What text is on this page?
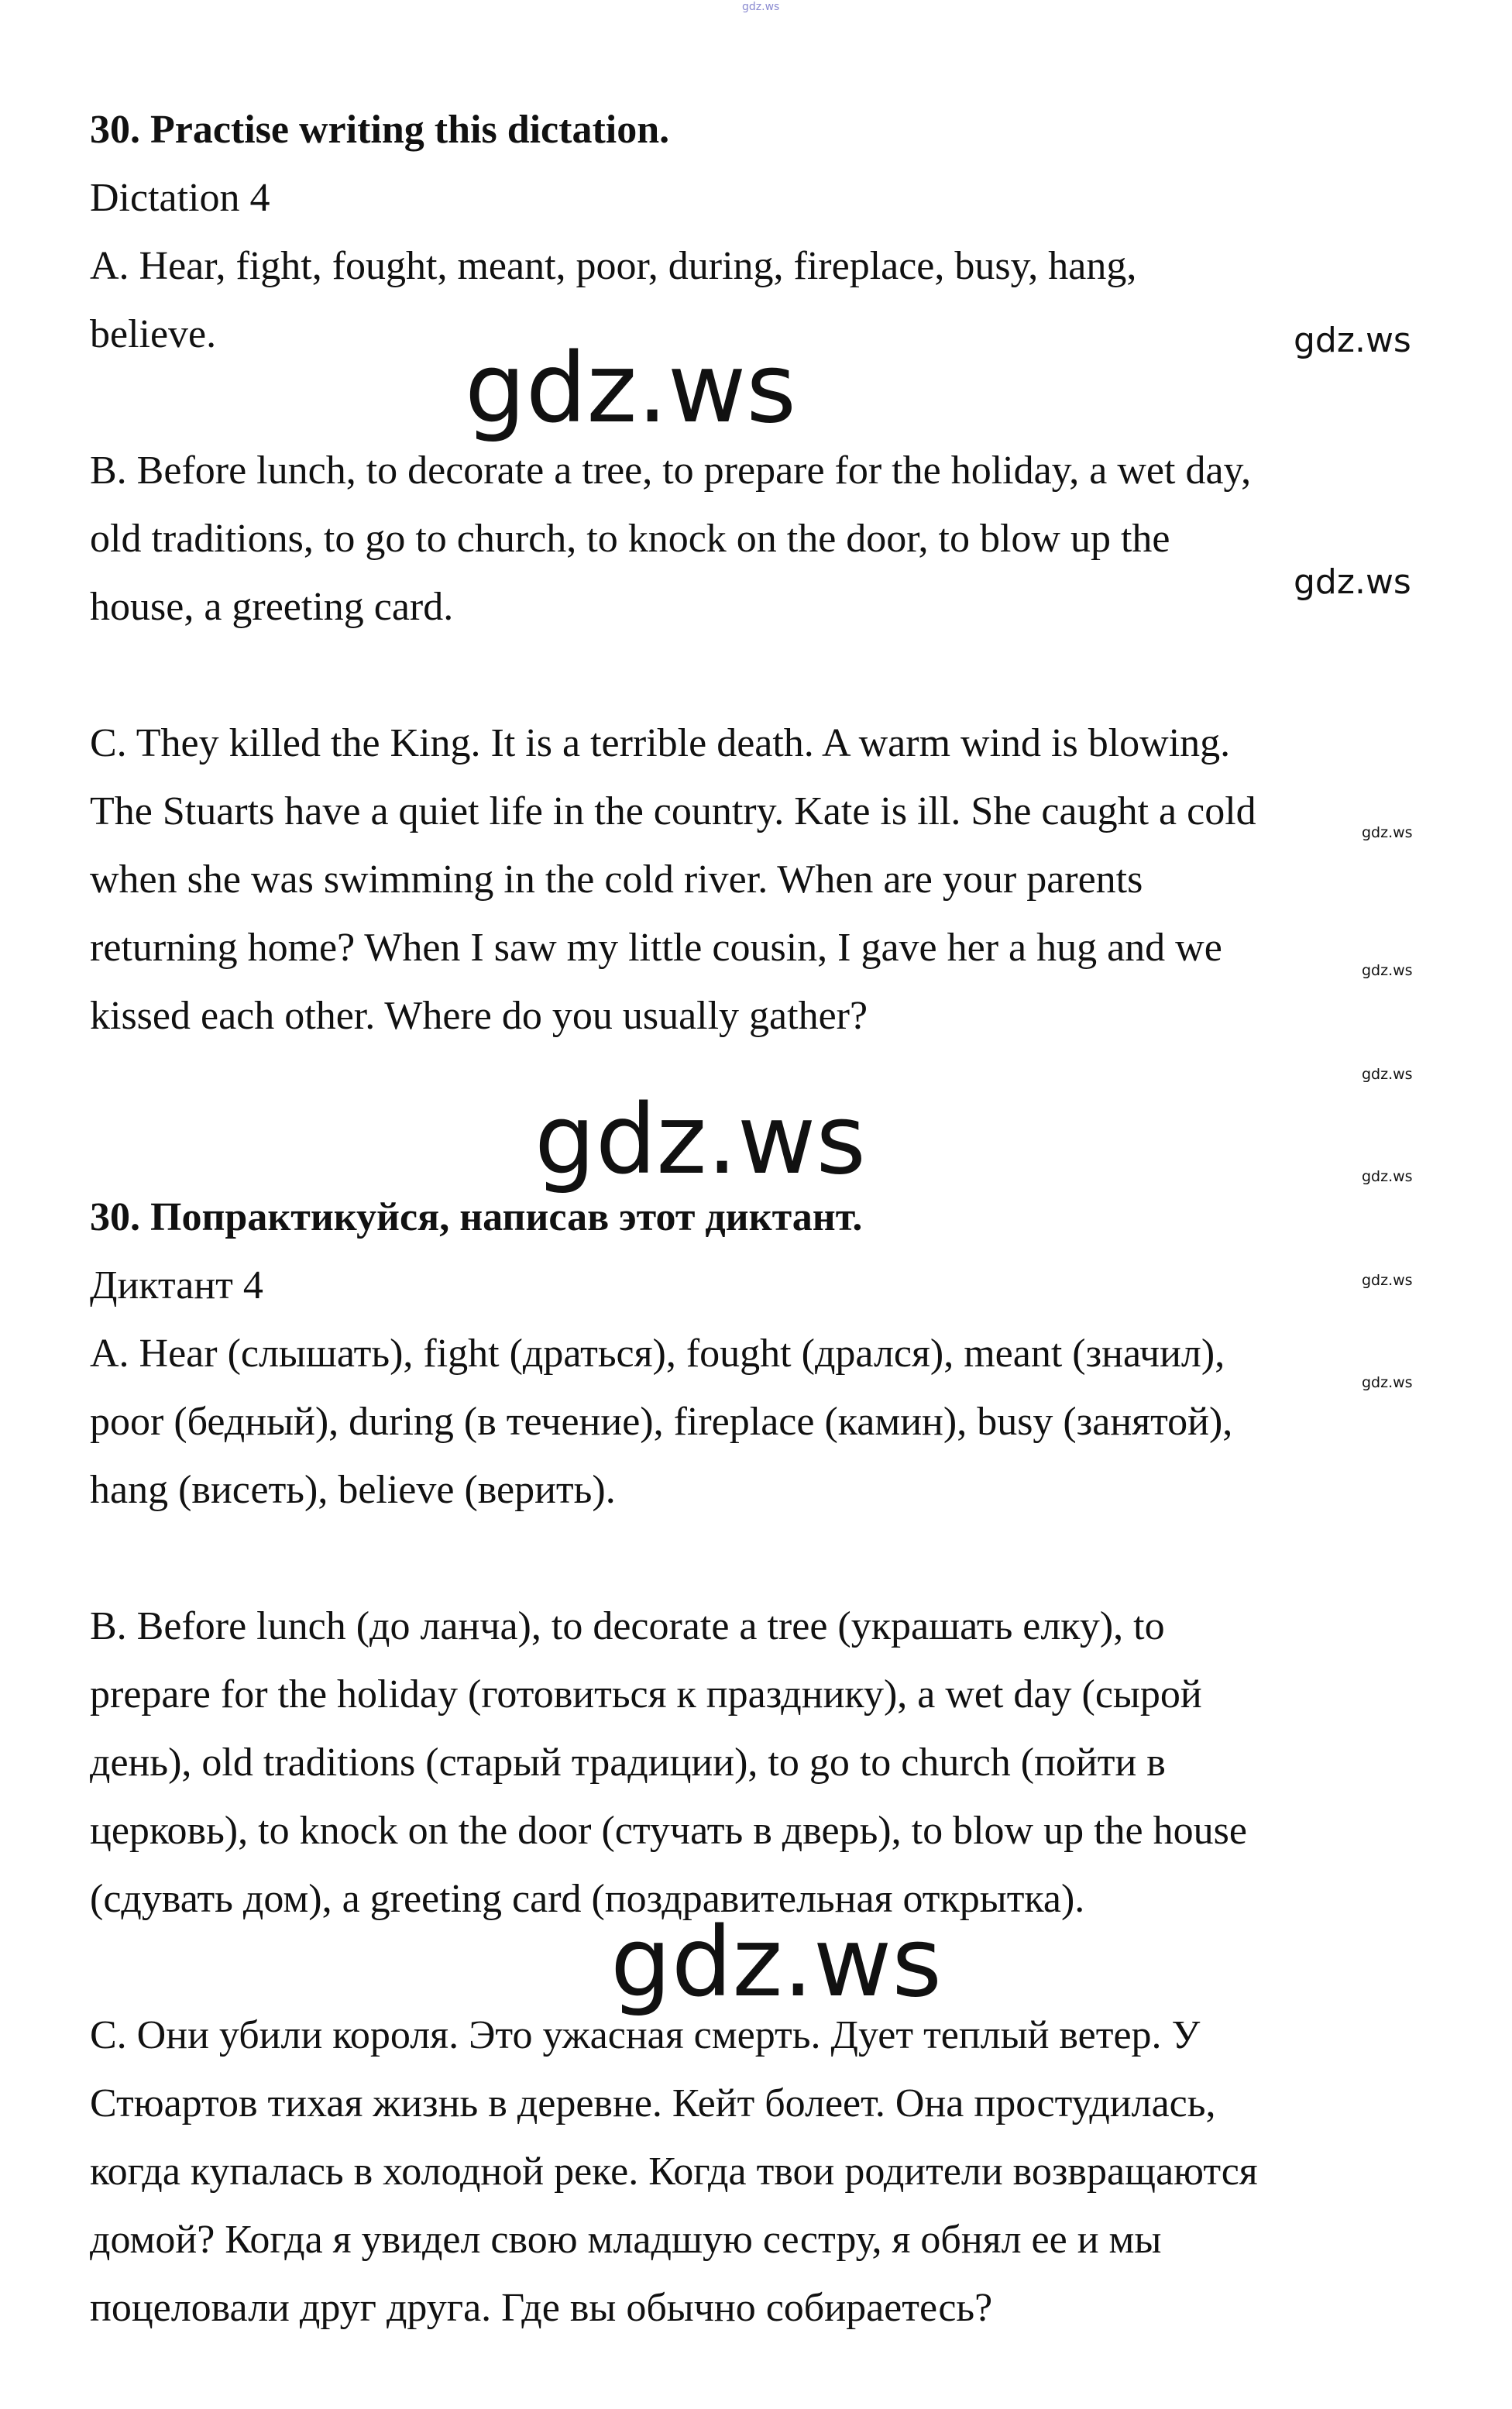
gdz.ws

30. Practise writing this dictation.

Dictation 4

A. Hear, fight, fought, meant, poor, during, fireplace, busy, hang,

believe.

B. Before lunch, to decorate a tree, to prepare for the holiday, a wet day,

old traditions, to go to church, to knock on the door, to blow up the

house, a greeting card.

C. They killed the King. It is a terrible death. A warm wind is blowing.

The Stuarts have a quiet life in the country. Kate is ill. She caught a cold

when she was swimming in the cold river. When are your parents

returning home? When I saw my little cousin, I gave her a hug and we

kissed each other. Where do you usually gather?

30. Попрактикуйся, написав этот диктант.

Диктант 4

A. Hear (слышать), fight (драться), fought (дрался), meant (значил),

poor (бедный), during (в течение), fireplace (камин), busy (занятой),

hang (висеть), believe (верить).

B. Before lunch (до ланча), to decorate a tree (украшать елку), to

prepare for the holiday (готовиться к празднику), a wet day (сырой

день), old traditions (старый традиции), to go to church (пойти в

церковь), to knock on the door (стучать в дверь), to blow up the house

(сдувать дом), a greeting card (поздравительная открытка).

C. Они убили короля. Это ужасная смерть. Дует теплый ветер. У

Стюартов тихая жизнь в деревне. Кейт болеет. Она простудилась,

когда купалась в холодной реке. Когда твои родители возвращаются

домой? Когда я увидел свою младшую сестру, я обнял ее и мы

поцеловали друг друга. Где вы обычно собираетесь?

gdz.ws
gdz.ws
gdz.ws
gdz.ws
gdz.ws
gdz.ws
gdz.ws
gdz.ws
gdz.ws
gdz.ws
gdz.ws
